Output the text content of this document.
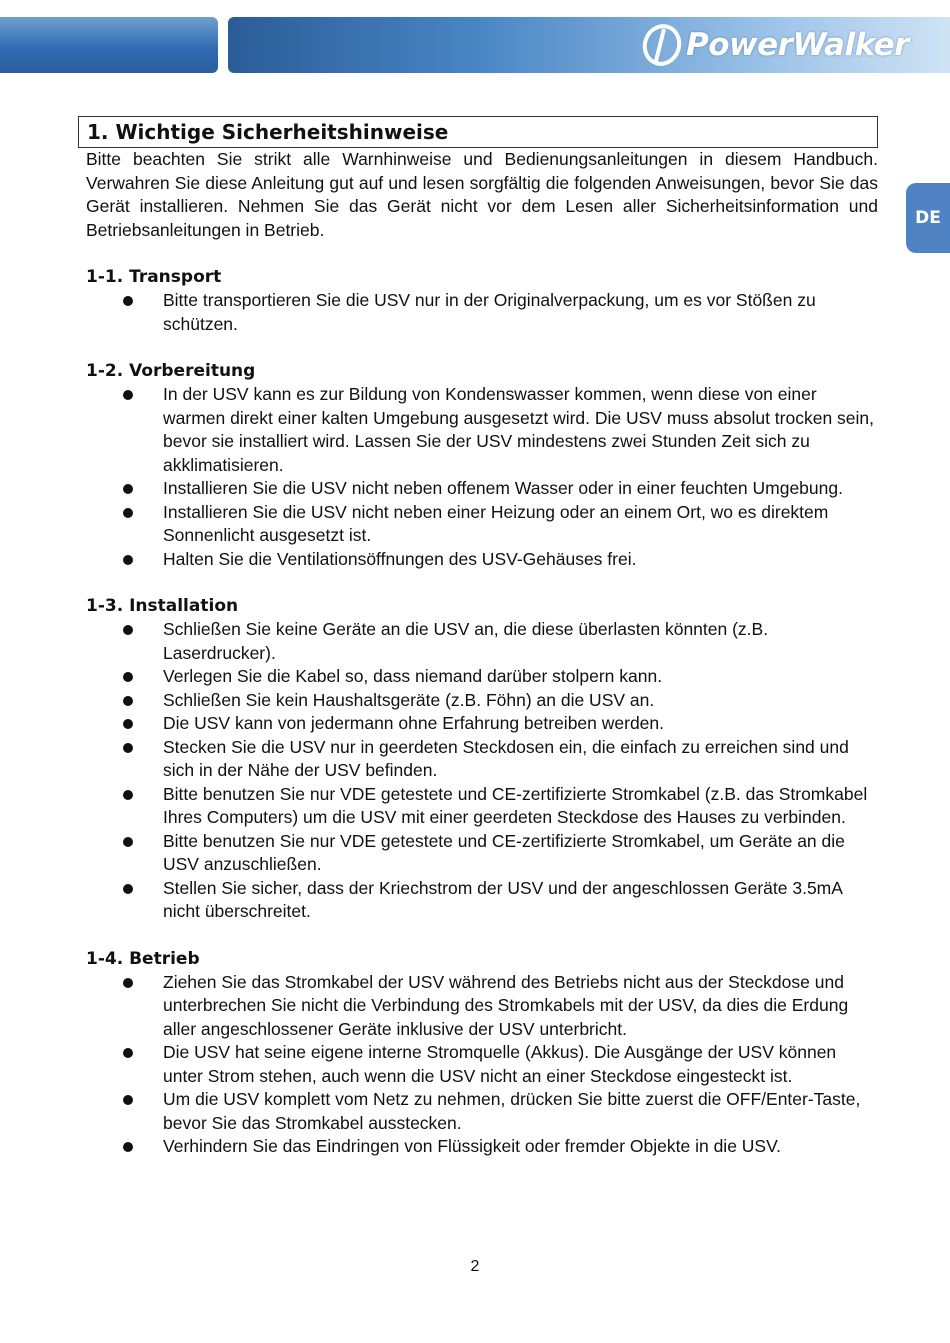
PowerWalker
DE
1. Wichtige Sicherheitshinweise

Bitte beachten Sie strikt alle Warnhinweise und Bedienungsanleitungen in diesem Handbuch. Verwahren Sie diese Anleitung gut auf und lesen sorgfältig die folgenden Anweisungen, bevor Sie das Gerät installieren. Nehmen Sie das Gerät nicht vor dem Lesen aller Sicherheitsinformation und Betriebsanleitungen in Betrieb.

1-1. Transport
Bitte transportieren Sie die USV nur in der Originalverpackung, um es vor Stößen zu schützen.
1-2. Vorbereitung
In der USV kann es zur Bildung von Kondenswasser kommen, wenn diese von einer warmen direkt einer kalten Umgebung ausgesetzt wird. Die USV muss absolut trocken sein, bevor sie installiert wird. Lassen Sie der USV mindestens zwei Stunden Zeit sich zu akklimatisieren.
Installieren Sie die USV nicht neben offenem Wasser oder in einer feuchten Umgebung.
Installieren Sie die USV nicht neben einer Heizung oder an einem Ort, wo es direktem Sonnenlicht ausgesetzt ist.
Halten Sie die Ventilationsöffnungen des USV-Gehäuses frei.
1-3. Installation
Schließen Sie keine Geräte an die USV an, die diese überlasten könnten (z.B. Laserdrucker).
Verlegen Sie die Kabel so, dass niemand darüber stolpern kann.
Schließen Sie kein Haushaltsgeräte (z.B. Föhn) an die USV an.
Die USV kann von jedermann ohne Erfahrung betreiben werden.
Stecken Sie die USV nur in geerdeten Steckdosen ein, die einfach zu erreichen sind und sich in der Nähe der USV befinden.
Bitte benutzen Sie nur VDE getestete und CE-zertifizierte Stromkabel (z.B. das Stromkabel Ihres Computers) um die USV mit einer geerdeten Steckdose des Hauses zu verbinden.
Bitte benutzen Sie nur VDE getestete und CE-zertifizierte Stromkabel, um Geräte an die USV anzuschließen.
Stellen Sie sicher, dass der Kriechstrom der USV und der angeschlossen Geräte 3.5mA nicht überschreitet.
1-4. Betrieb
Ziehen Sie das Stromkabel der USV während des Betriebs nicht aus der Steckdose und unterbrechen Sie nicht die Verbindung des Stromkabels mit der USV, da dies die Erdung aller angeschlossener Geräte inklusive der USV unterbricht.
Die USV hat seine eigene interne Stromquelle (Akkus). Die Ausgänge der USV können unter Strom stehen, auch wenn die USV nicht an einer Steckdose eingesteckt ist.
Um die USV komplett vom Netz zu nehmen, drücken Sie bitte zuerst die OFF/Enter-Taste, bevor Sie das Stromkabel ausstecken.
Verhindern Sie das Eindringen von Flüssigkeit oder fremder Objekte in die USV.
2
